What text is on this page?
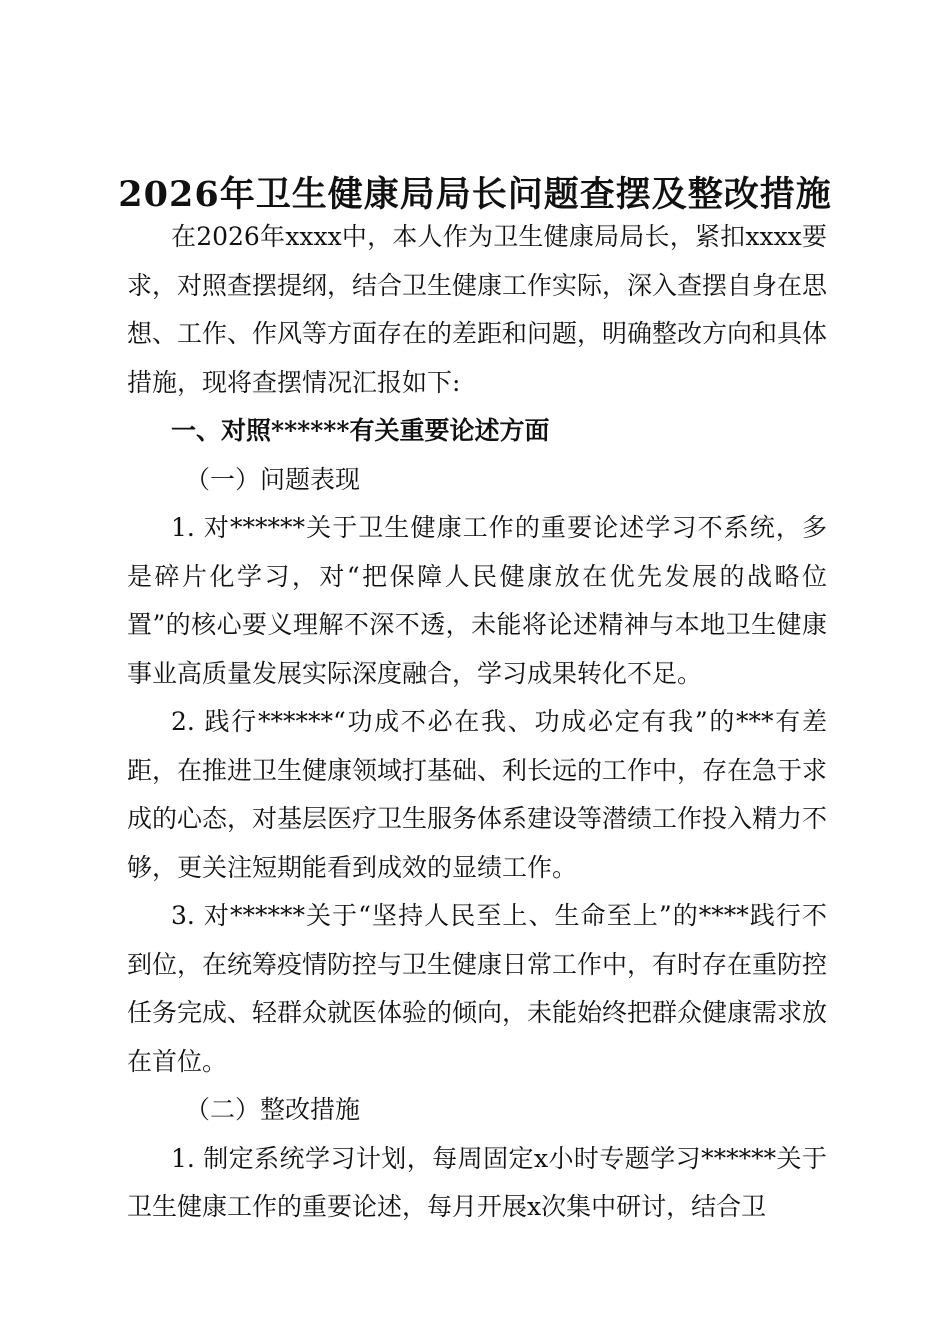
2026年卫生健康局局长问题查摆及整改措施

在2026年xxxx中，本人作为卫生健康局局长，紧扣xxxx要求，对照查摆提纲，结合卫生健康工作实际，深入查摆自身在思想、工作、作风等方面存在的差距和问题，明确整改方向和具体措施，现将查摆情况汇报如下:

一、对照******有关重要论述方面

（一）问题表现

1. 对******关于卫生健康工作的重要论述学习不系统，多是碎片化学习，对“把保障人民健康放在优先发展的战略位置”的核心要义理解不深不透，未能将论述精神与本地卫生健康事业高质量发展实际深度融合，学习成果转化不足。

2. 践行******“功成不必在我、功成必定有我”的***有差距，在推进卫生健康领域打基础、利长远的工作中，存在急于求成的心态，对基层医疗卫生服务体系建设等潜绩工作投入精力不够，更关注短期能看到成效的显绩工作。

3. 对******关于“坚持人民至上、生命至上”的****践行不到位，在统筹疫情防控与卫生健康日常工作中，有时存在重防控任务完成、轻群众就医体验的倾向，未能始终把群众健康需求放在首位。

（二）整改措施

1. 制定系统学习计划，每周固定x小时专题学习******关于卫生健康工作的重要论述，每月开展x次集中研讨，结合卫
